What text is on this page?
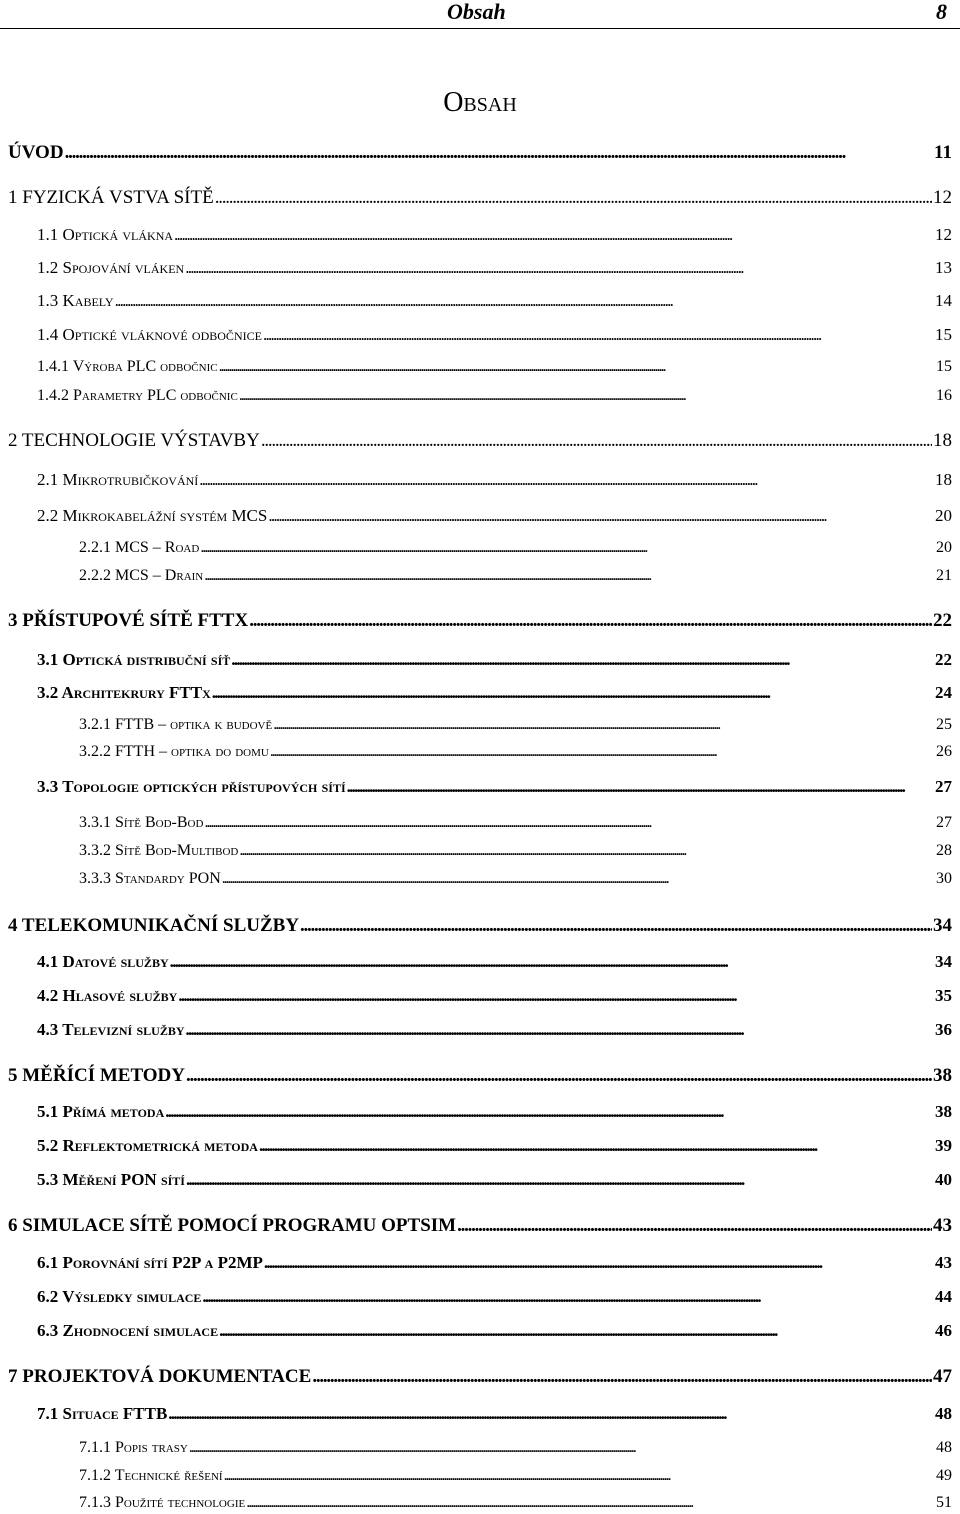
Obsah	8
Obsah
ÚVOD . . .	11
1 FYZICKÁ VSTVA SÍTĚ . . .	12
1.1 Optická vlákna . . .	12
1.2 Spojování vláken . . .	13
1.3 Kabely . . .	14
1.4 Optické vláknové odbočnice . . .	15
1.4.1 Výroba PLC odbočnic . . .	15
1.4.2 Parametry PLC odbočnic . . .	16
2 TECHNOLOGIE VÝSTAVBY . . .	18
2.1 Mikrotrubičkování . . .	18
2.2 Mikrokabelážní systém MCS . . .	20
2.2.1 MCS – Road . . .	20
2.2.2 MCS – Drain . . .	21
3 PŘÍSTUPOVÉ SÍTĚ FTTX . . .	22
3.1 Optická distribuční síť . . .	22
3.2 Architekrury FTTx . . .	24
3.2.1 FTTB – optika k budově . . .	25
3.2.2 FTTH – optika do domu . . .	26
3.3 Topologie optických přístupových sítí . . .	27
3.3.1 Sítě Bod-Bod . . .	27
3.3.2 Sítě Bod-Multibod . . .	28
3.3.3 Standardy PON . . .	30
4 TELEKOMUNIKAČNÍ SLUŽBY . . .	34
4.1 Datové služby . . .	34
4.2 Hlasové služby . . .	35
4.3 Televizní služby . . .	36
5 MĚŘÍCÍ METODY . . .	38
5.1 Přímá metoda . . .	38
5.2 Reflektometrická metoda . . .	39
5.3 Měření PON sítí . . .	40
6 SIMULACE SÍTĚ POMOCÍ PROGRAMU OPTSIM . . .	43
6.1 Porovnání sítí P2P a P2MP . . .	43
6.2 Výsledky simulace . . .	44
6.3 Zhodnocení simulace . . .	46
7 PROJEKTOVÁ DOKUMENTACE . . .	47
7.1 Situace FTTB . . .	48
7.1.1 Popis trasy . . .	48
7.1.2 Technické řešení . . .	49
7.1.3 Použité technologie . . .	51
